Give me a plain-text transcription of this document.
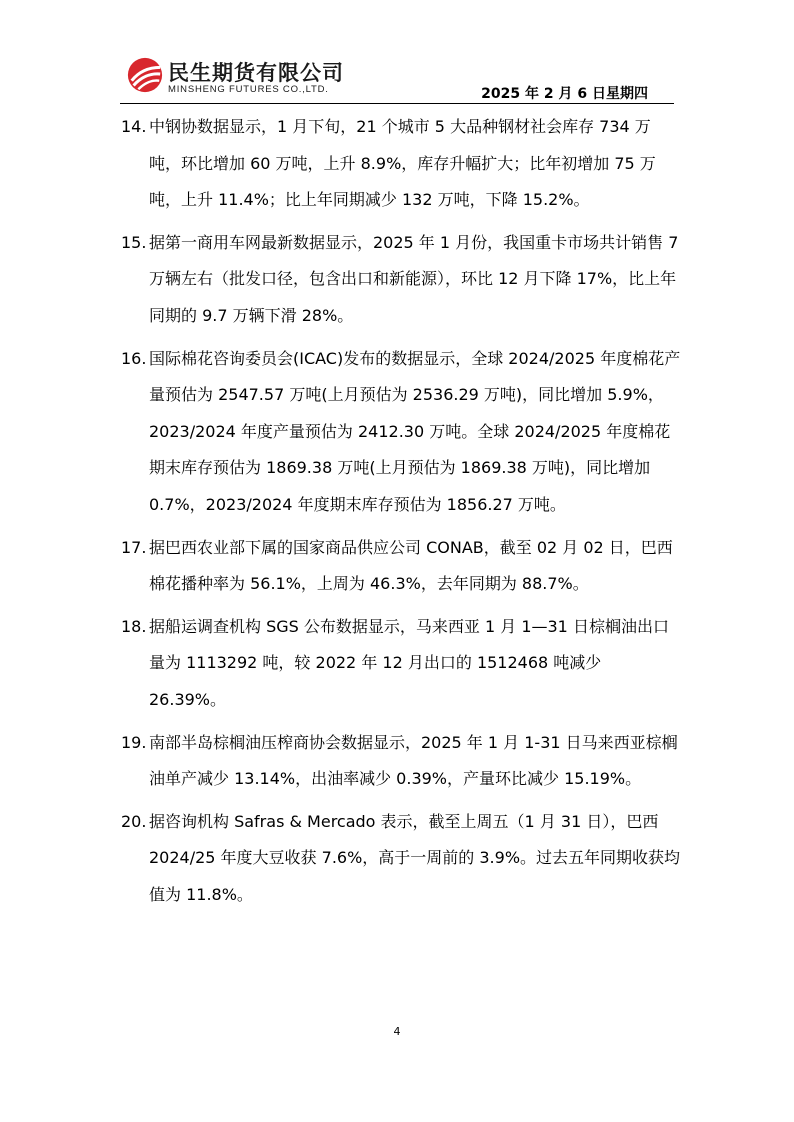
民生期货有限公司
MINSHENG FUTURES CO.,LTD.	2025 年 2 月 6 日星期四
14. 中钢协数据显示，1 月下旬，21 个城市 5 大品种钢材社会库存 734 万吨，环比增加 60 万吨，上升 8.9%，库存升幅扩大；比年初增加 75 万吨，上升 11.4%；比上年同期减少 132 万吨，下降 15.2%。
15. 据第一商用车网最新数据显示，2025 年 1 月份，我国重卡市场共计销售 7 万辆左右（批发口径，包含出口和新能源），环比 12 月下降 17%，比上年同期的 9.7 万辆下滑 28%。
16. 国际棉花咨询委员会(ICAC)发布的数据显示，全球 2024/2025 年度棉花产量预估为 2547.57 万吨(上月预估为 2536.29 万吨)，同比增加 5.9%，2023/2024 年度产量预估为 2412.30 万吨。全球 2024/2025 年度棉花期末库存预估为 1869.38 万吨(上月预估为 1869.38 万吨)，同比增加 0.7%，2023/2024 年度期末库存预估为 1856.27 万吨。
17. 据巴西农业部下属的国家商品供应公司 CONAB，截至 02 月 02 日，巴西棉花播种率为 56.1%，上周为 46.3%，去年同期为 88.7%。
18. 据船运调查机构 SGS 公布数据显示，马来西亚 1 月 1—31 日棕榈油出口量为 1113292 吨，较 2022 年 12 月出口的 1512468 吨减少 26.39%。
19. 南部半岛棕榈油压榨商协会数据显示，2025 年 1 月 1-31 日马来西亚棕榈油单产减少 13.14%，出油率减少 0.39%，产量环比减少 15.19%。
20. 据咨询机构 Safras & Mercado 表示，截至上周五（1 月 31 日），巴西 2024/25 年度大豆收获 7.6%，高于一周前的 3.9%。过去五年同期收获均值为 11.8%。
4
